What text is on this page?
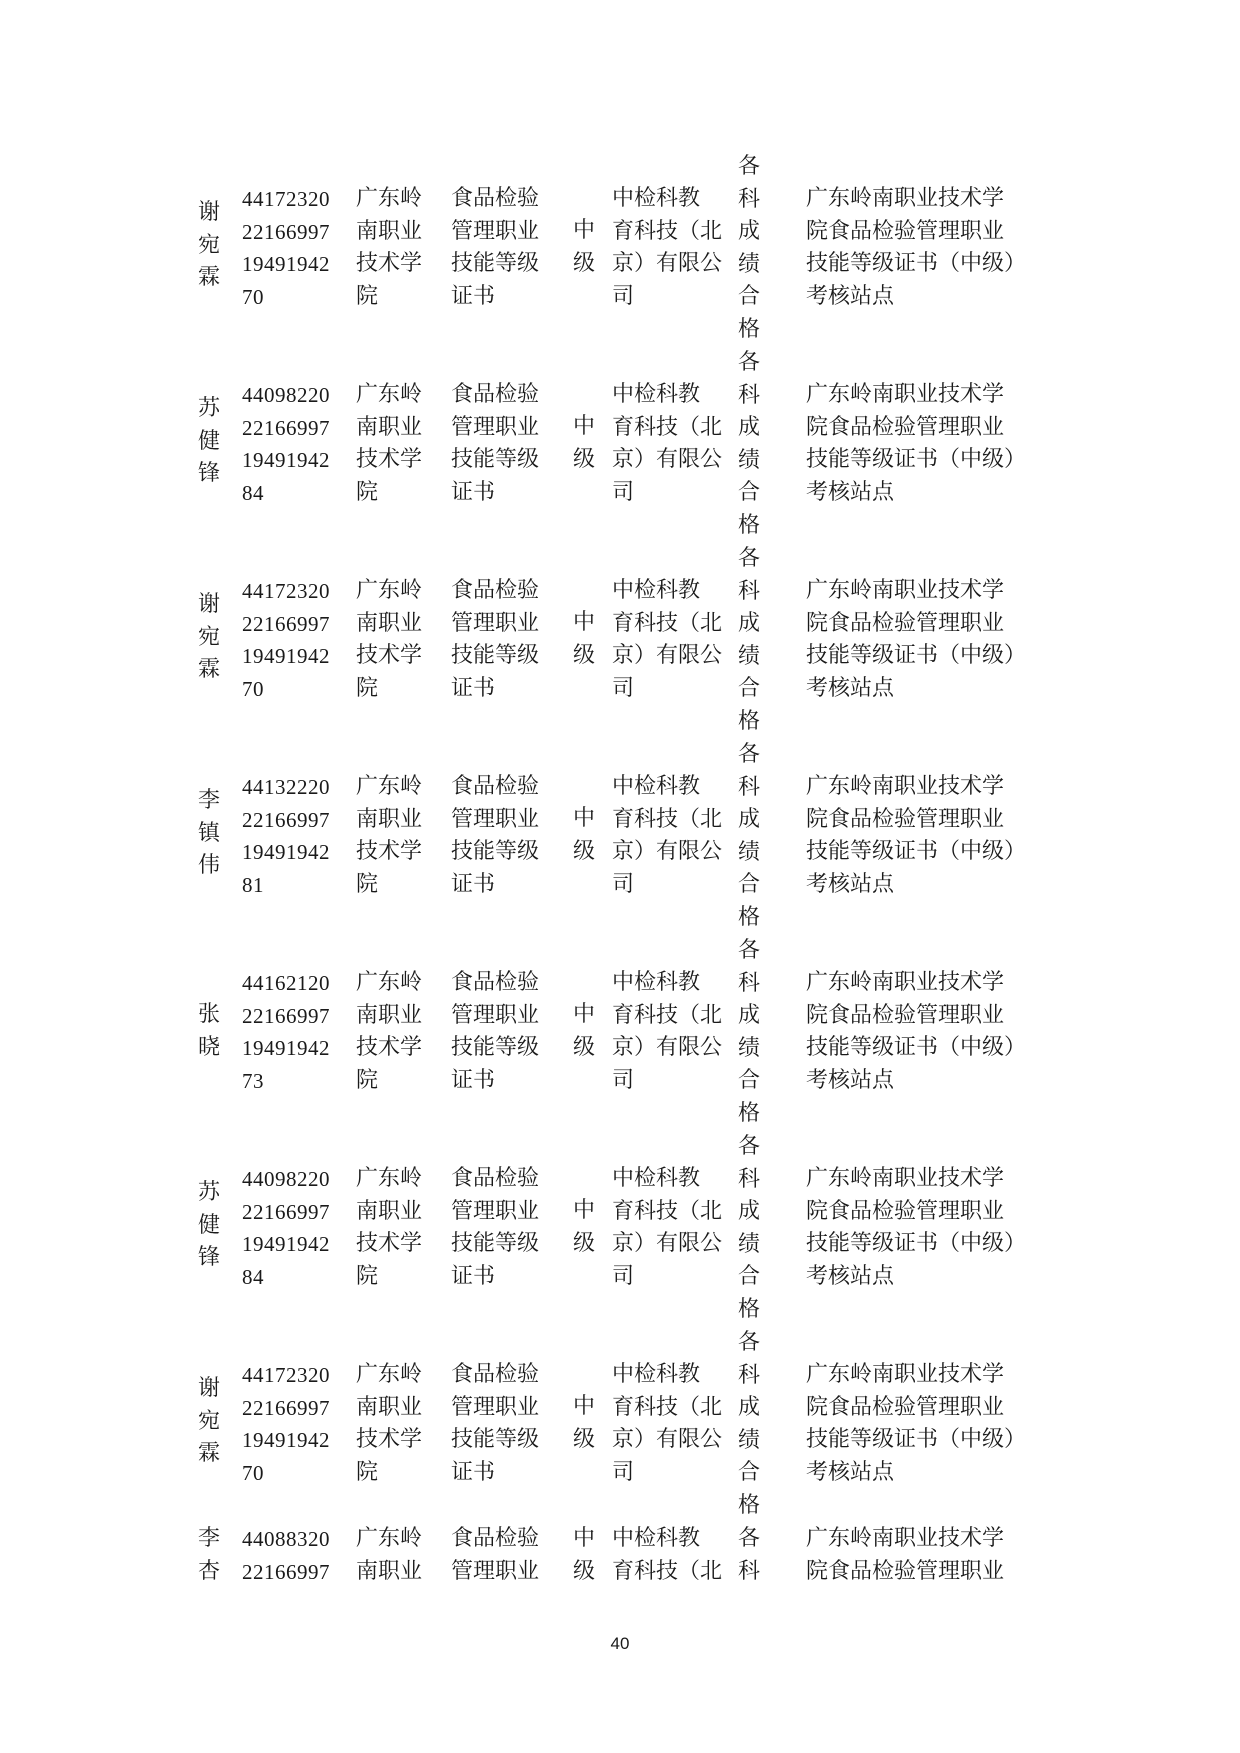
谢
宛
霖
44172320
22166997
19491942
70
广东岭
南职业
技术学
院
食品检验
管理职业
技能等级
证书
中
级
中检科教
育科技（北
京）有限公
司
各
科
成
绩
合
格
广东岭南职业技术学
院食品检验管理职业
技能等级证书（中级）
考核站点
苏
健
锋
44098220
22166997
19491942
84
广东岭
南职业
技术学
院
食品检验
管理职业
技能等级
证书
中
级
中检科教
育科技（北
京）有限公
司
各
科
成
绩
合
格
广东岭南职业技术学
院食品检验管理职业
技能等级证书（中级）
考核站点
谢
宛
霖
44172320
22166997
19491942
70
广东岭
南职业
技术学
院
食品检验
管理职业
技能等级
证书
中
级
中检科教
育科技（北
京）有限公
司
各
科
成
绩
合
格
广东岭南职业技术学
院食品检验管理职业
技能等级证书（中级）
考核站点
李
镇
伟
44132220
22166997
19491942
81
广东岭
南职业
技术学
院
食品检验
管理职业
技能等级
证书
中
级
中检科教
育科技（北
京）有限公
司
各
科
成
绩
合
格
广东岭南职业技术学
院食品检验管理职业
技能等级证书（中级）
考核站点
张
晓
44162120
22166997
19491942
73
广东岭
南职业
技术学
院
食品检验
管理职业
技能等级
证书
中
级
中检科教
育科技（北
京）有限公
司
各
科
成
绩
合
格
广东岭南职业技术学
院食品检验管理职业
技能等级证书（中级）
考核站点
苏
健
锋
44098220
22166997
19491942
84
广东岭
南职业
技术学
院
食品检验
管理职业
技能等级
证书
中
级
中检科教
育科技（北
京）有限公
司
各
科
成
绩
合
格
广东岭南职业技术学
院食品检验管理职业
技能等级证书（中级）
考核站点
谢
宛
霖
44172320
22166997
19491942
70
广东岭
南职业
技术学
院
食品检验
管理职业
技能等级
证书
中
级
中检科教
育科技（北
京）有限公
司
各
科
成
绩
合
格
广东岭南职业技术学
院食品检验管理职业
技能等级证书（中级）
考核站点
李
杏
44088320
22166997
广东岭
南职业
食品检验
管理职业
中
级
中检科教
育科技（北
各
科
广东岭南职业技术学
院食品检验管理职业
40
